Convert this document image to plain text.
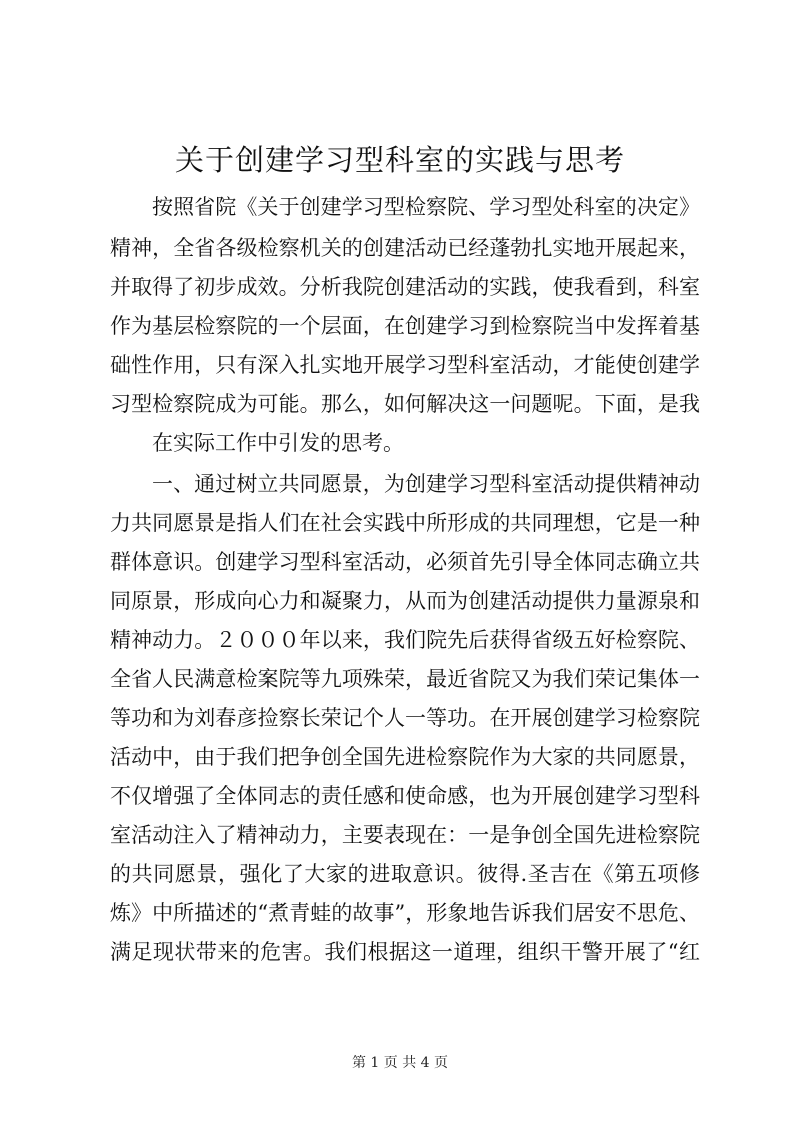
关于创建学习型科室的实践与思考
按照省院《关于创建学习型检察院、学习型处科室的决定》
精神，全省各级检察机关的创建活动已经蓬勃扎实地开展起来，
并取得了初步成效。分析我院创建活动的实践，使我看到，科室
作为基层检察院的一个层面，在创建学习到检察院当中发挥着基
础性作用，只有深入扎实地开展学习型科室活动，才能使创建学
习型检察院成为可能。那么，如何解决这一问题呢。下面，是我
在实际工作中引发的思考。
一、通过树立共同愿景，为创建学习型科室活动提供精神动
力共同愿景是指人们在社会实践中所形成的共同理想，它是一种
群体意识。创建学习型科室活动，必须首先引导全体同志确立共
同原景，形成向心力和凝聚力，从而为创建活动提供力量源泉和
精神动力。２０００年以来，我们院先后获得省级五好检察院、
全省人民满意检案院等九项殊荣，最近省院又为我们荣记集体一
等功和为刘春彦捡察长荣记个人一等功。在开展创建学习检察院
活动中，由于我们把争创全国先进检察院作为大家的共同愿景，
不仅增强了全体同志的责任感和使命感，也为开展创建学习型科
室活动注入了精神动力，主要表现在：一是争创全国先进检察院
的共同愿景，强化了大家的进取意识。彼得.圣吉在《第五项修
炼》中所描述的“煮青蛙的故事”，形象地告诉我们居安不思危、
满足现状带来的危害。我们根据这一道理，组织干警开展了“红
第 1 页 共 4 页
